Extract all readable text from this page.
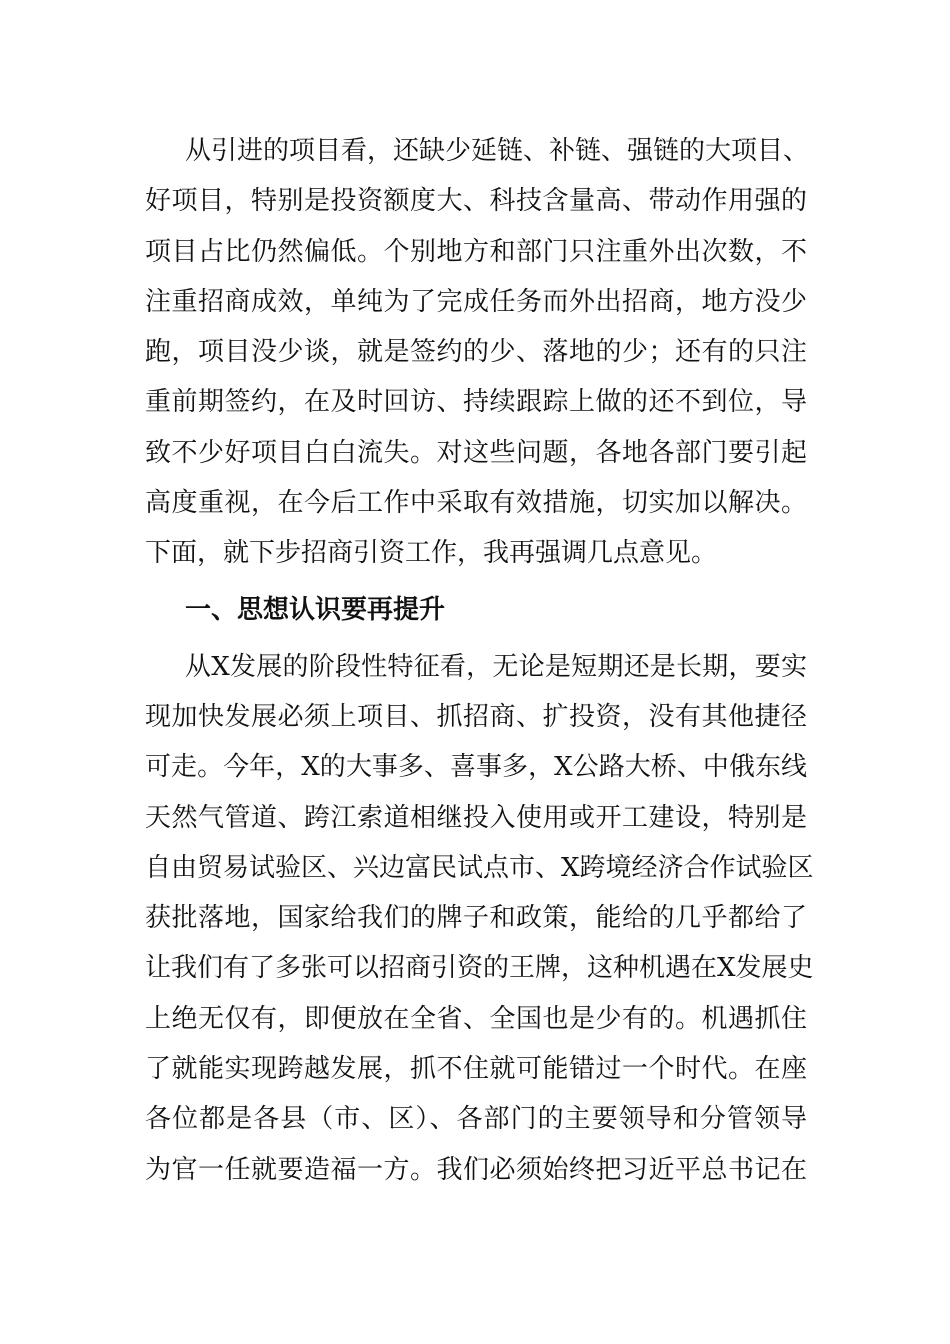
从引进的项目看，还缺少延链、补链、强链的大项目、
好项目，特别是投资额度大、科技含量高、带动作用强的
项目占比仍然偏低。个别地方和部门只注重外出次数，不
注重招商成效，单纯为了完成任务而外出招商，地方没少
跑，项目没少谈，就是签约的少、落地的少；还有的只注
重前期签约，在及时回访、持续跟踪上做的还不到位，导
致不少好项目白白流失。对这些问题，各地各部门要引起
高度重视，在今后工作中采取有效措施，切实加以解决。
下面，就下步招商引资工作，我再强调几点意见。
一、思想认识要再提升
从X发展的阶段性特征看，无论是短期还是长期，要实
现加快发展必须上项目、抓招商、扩投资，没有其他捷径
可走。今年，X的大事多、喜事多，X公路大桥、中俄东线
天然气管道、跨江索道相继投入使用或开工建设，特别是
自由贸易试验区、兴边富民试点市、X跨境经济合作试验区
获批落地，国家给我们的牌子和政策，能给的几乎都给了
让我们有了多张可以招商引资的王牌，这种机遇在X发展史
上绝无仅有，即便放在全省、全国也是少有的。机遇抓住
了就能实现跨越发展，抓不住就可能错过一个时代。在座
各位都是各县（市、区）、各部门的主要领导和分管领导
为官一任就要造福一方。我们必须始终把习近平总书记在
